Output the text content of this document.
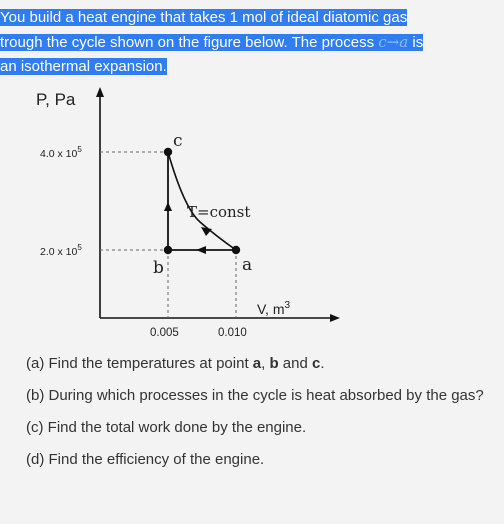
You build a heat engine that takes 1 mol of ideal diatomic gas
trough the cycle shown on the figure below. The process c→a is
an isothermal expansion.
P, Pa
V, $m^3$
4.0 x $10^5$
2.0 x $10^5$
0.005	0.010
c
b	a
T=const

(a) Find the temperatures at point a, b and c.

(b) During which processes in the cycle is heat absorbed by the gas?

(c) Find the total work done by the engine.

(d) Find the efficiency of the engine.
